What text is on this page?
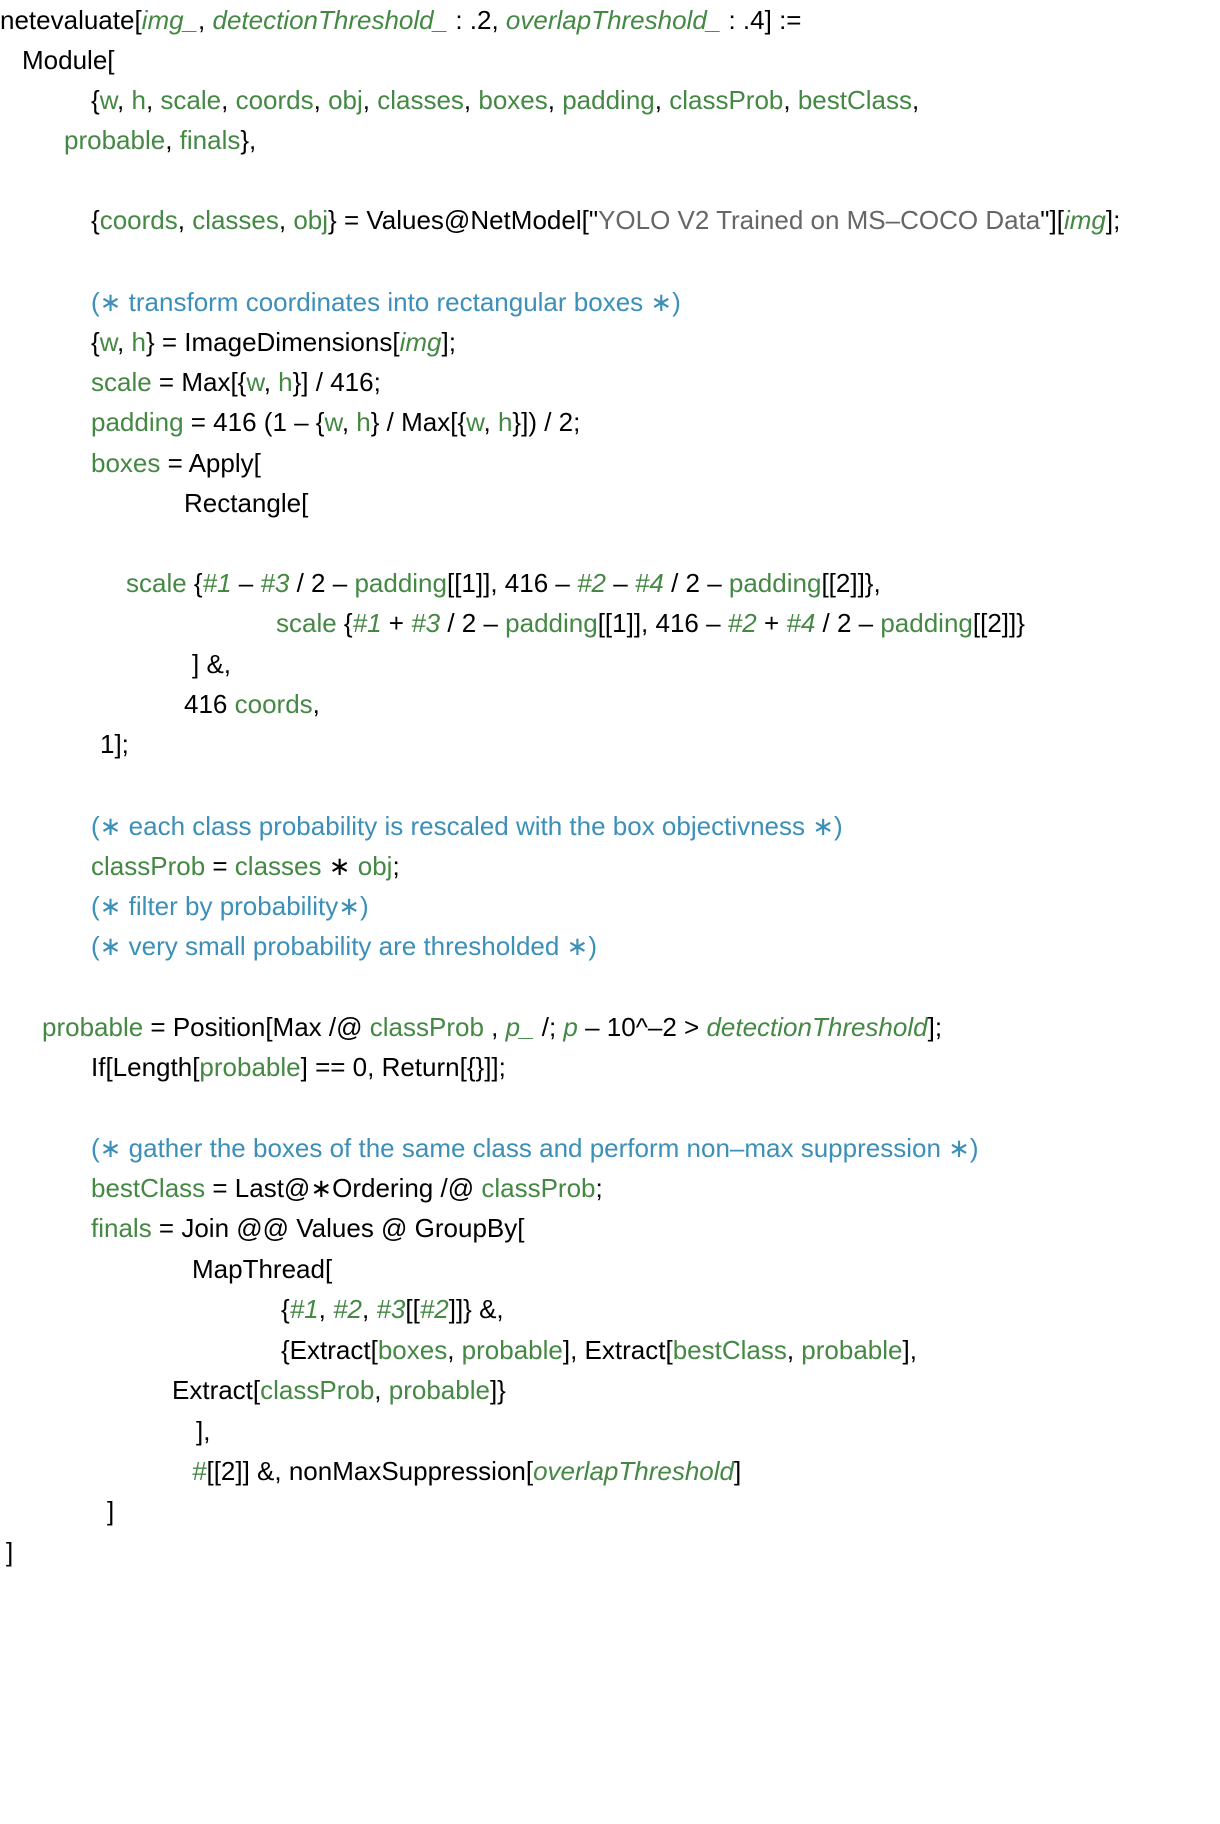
netevaluate[img_, detectionThreshold_ : .2, overlapThreshold_ : .4] :=
Module[
{w, h, scale, coords, obj, classes, boxes, padding, classProb, bestClass,
probable, finals},
{coords, classes, obj} = Values@NetModel["YOLO V2 Trained on MS–COCO Data"][img];
(∗ transform coordinates into rectangular boxes ∗)
{w, h} = ImageDimensions[img];
scale = Max[{w, h}] / 416;
padding = 416 (1 – {w, h} / Max[{w, h}]) / 2;
boxes = Apply[
Rectangle[
scale {#1 – #3 / 2 – padding[[1]], 416 – #2 – #4 / 2 – padding[[2]]},
scale {#1 + #3 / 2 – padding[[1]], 416 – #2 + #4 / 2 – padding[[2]]}
] &,
416 coords,
1];
(∗ each class probability is rescaled with the box objectivness ∗)
classProb = classes ∗ obj;
(∗ filter by probability∗)
(∗ very small probability are thresholded ∗)
probable = Position[Max /@ classProb , p_ /; p – 10^–2 > detectionThreshold];
If[Length[probable] == 0, Return[{}]];
(∗ gather the boxes of the same class and perform non–max suppression ∗)
bestClass = Last@∗Ordering /@ classProb;
finals = Join @@ Values @ GroupBy[
MapThread[
{#1, #2, #3[[#2]]} &,
{Extract[boxes, probable], Extract[bestClass, probable],
Extract[classProb, probable]}
],
#[[2]] &, nonMaxSuppression[overlapThreshold]
]
]
